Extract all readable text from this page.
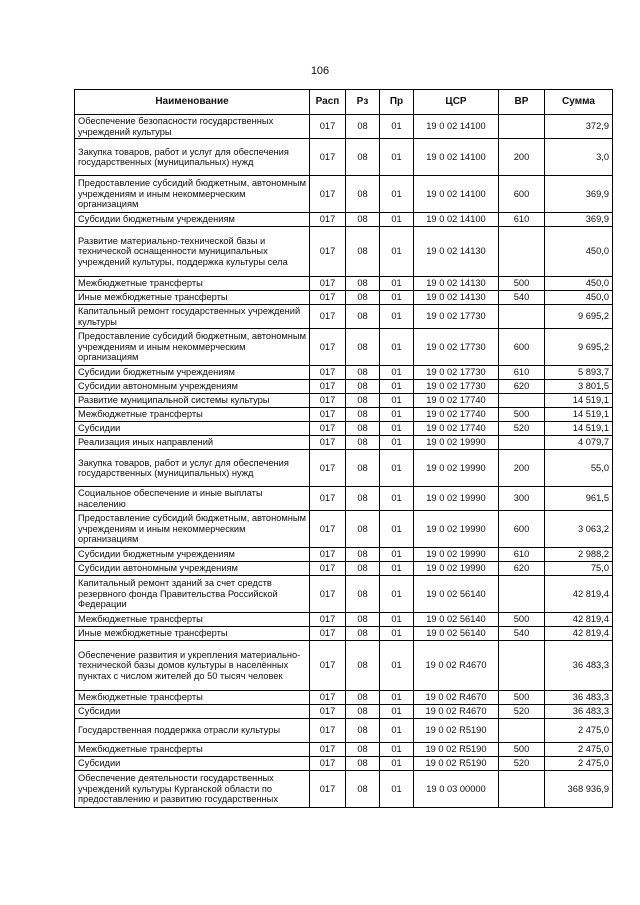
106
Наименование	Расп	Рз	Пр	ЦСР	ВР	Сумма
Обеспечение безопасности государственных учреждений культуры	017	08	01	19 0 02 14100		372,9
Закупка товаров, работ и услуг для обеспечения государственных (муниципальных) нужд	017	08	01	19 0 02 14100	200	3,0
Предоставление субсидий бюджетным, автономным учреждениям и иным некоммерческим организациям	017	08	01	19 0 02 14100	600	369,9
Субсидии бюджетным учреждениям	017	08	01	19 0 02 14100	610	369,9
Развитие материально-технической базы и технической оснащенности муниципальных учреждений культуры, поддержка культуры села	017	08	01	19 0 02 14130		450,0
Межбюджетные трансферты	017	08	01	19 0 02 14130	500	450,0
Иные межбюджетные трансферты	017	08	01	19 0 02 14130	540	450,0
Капитальный ремонт государственных учреждений культуры	017	08	01	19 0 02 17730		9 695,2
Предоставление субсидий бюджетным, автономным учреждениям и иным некоммерческим организациям	017	08	01	19 0 02 17730	600	9 695,2
Субсидии бюджетным учреждениям	017	08	01	19 0 02 17730	610	5 893,7
Субсидии автономным учреждениям	017	08	01	19 0 02 17730	620	3 801,5
Развитие муниципальной системы культуры	017	08	01	19 0 02 17740		14 519,1
Межбюджетные трансферты	017	08	01	19 0 02 17740	500	14 519,1
Субсидии	017	08	01	19 0 02 17740	520	14 519,1
Реализация иных направлений	017	08	01	19 0 02 19990		4 079,7
Закупка товаров, работ и услуг для обеспечения государственных (муниципальных) нужд	017	08	01	19 0 02 19990	200	55,0
Социальное обеспечение и иные выплаты населению	017	08	01	19 0 02 19990	300	961,5
Предоставление субсидий бюджетным, автономным учреждениям и иным некоммерческим организациям	017	08	01	19 0 02 19990	600	3 063,2
Субсидии бюджетным учреждениям	017	08	01	19 0 02 19990	610	2 988,2
Субсидии автономным учреждениям	017	08	01	19 0 02 19990	620	75,0
Капитальный ремонт зданий за счет средств резервного фонда Правительства Российской Федерации	017	08	01	19 0 02 56140		42 819,4
Межбюджетные трансферты	017	08	01	19 0 02 56140	500	42 819,4
Иные межбюджетные трансферты	017	08	01	19 0 02 56140	540	42 819,4
Обеспечение развития и укрепления материально-технической базы домов культуры в населённых пунктах с числом жителей до 50 тысяч человек	017	08	01	19 0 02 R4670		36 483,3
Межбюджетные трансферты	017	08	01	19 0 02 R4670	500	36 483,3
Субсидии	017	08	01	19 0 02 R4670	520	36 483,3
Государственная поддержка отрасли культуры	017	08	01	19 0 02 R5190		2 475,0
Межбюджетные трансферты	017	08	01	19 0 02 R5190	500	2 475,0
Субсидии	017	08	01	19 0 02 R5190	520	2 475,0
Обеспечение деятельности государственных учреждений культуры Курганской области по предоставлению и развитию государственных	017	08	01	19 0 03 00000		368 936,9
